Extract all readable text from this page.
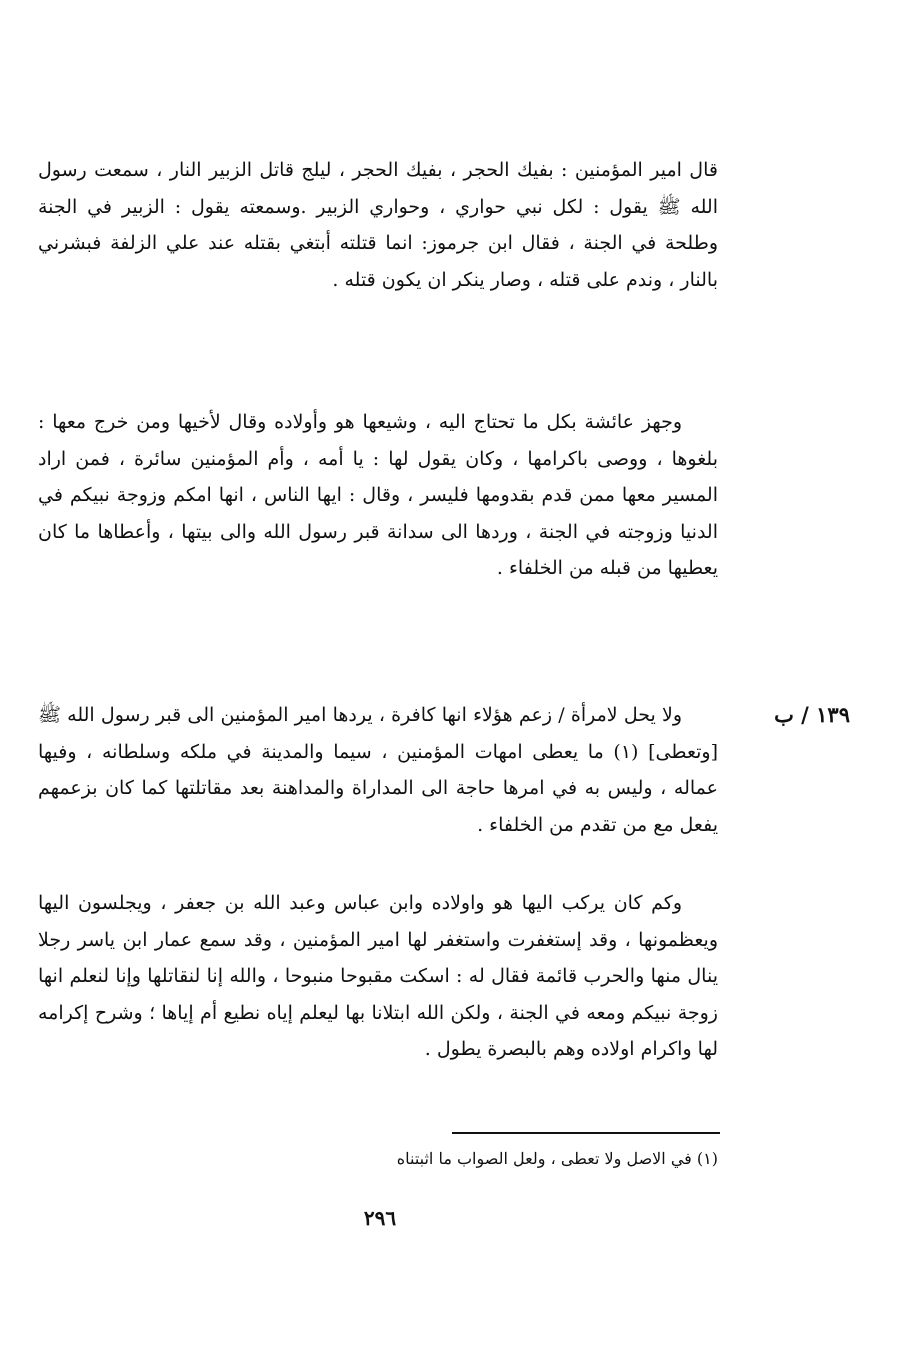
قال امير المؤمنين : بفيك الحجر ، بفيك الحجر ، ليلج قاتل الزبير النار ، سمعت رسول الله ﷺ يقول : لكل نبي حواري ، وحواري الزبير .وسمعته يقول : الزبير في الجنة وطلحة في الجنة ، فقال ابن جرموز: انما قتلته أبتغي بقتله عند علي الزلفة فبشرني بالنار ، وندم على قتله ، وصار ينكر ان يكون قتله .

وجهز عائشة بكل ما تحتاج اليه ، وشيعها هو وأولاده وقال لأخيها ومن خرج معها : بلغوها ، ووصى باكرامها ، وكان يقول لها : يا أمه ، وأم المؤمنين سائرة ، فمن اراد المسير معها ممن قدم بقدومها فليسر ، وقال : ايها الناس ، انها امكم وزوجة نبيكم في الدنيا وزوجته في الجنة ، وردها الى سدانة قبر رسول الله والى بيتها ، وأعطاها ما كان يعطيها من قبله من الخلفاء .

١٣٩ / ب

ولا يحل لامرأة / زعم هؤلاء انها كافرة ، يردها امير المؤمنين الى قبر رسول الله ﷺ [وتعطى] (١) ما يعطى امهات المؤمنين ، سيما والمدينة في ملكه وسلطانه ، وفيها عماله ، وليس به في امرها حاجة الى المداراة والمداهنة بعد مقاتلتها كما كان بزعمهم يفعل مع من تقدم من الخلفاء .

وكم كان يركب اليها هو واولاده وابن عباس وعبد الله بن جعفر ، ويجلسون اليها ويعظمونها ، وقد إستغفرت واستغفر لها امير المؤمنين ، وقد سمع عمار ابن ياسر رجلا ينال منها والحرب قائمة فقال له : اسكت مقبوحا منبوحا ، والله إنا لنقاتلها وإنا لنعلم انها زوجة نبيكم ومعه في الجنة ، ولكن الله ابتلانا بها ليعلم إياه نطيع أم إياها ؛ وشرح إكرامه لها واكرام اولاده وهم بالبصرة يطول .

(١) في الاصل ولا تعطى ، ولعل الصواب ما اثبتناه
٢٩٦
